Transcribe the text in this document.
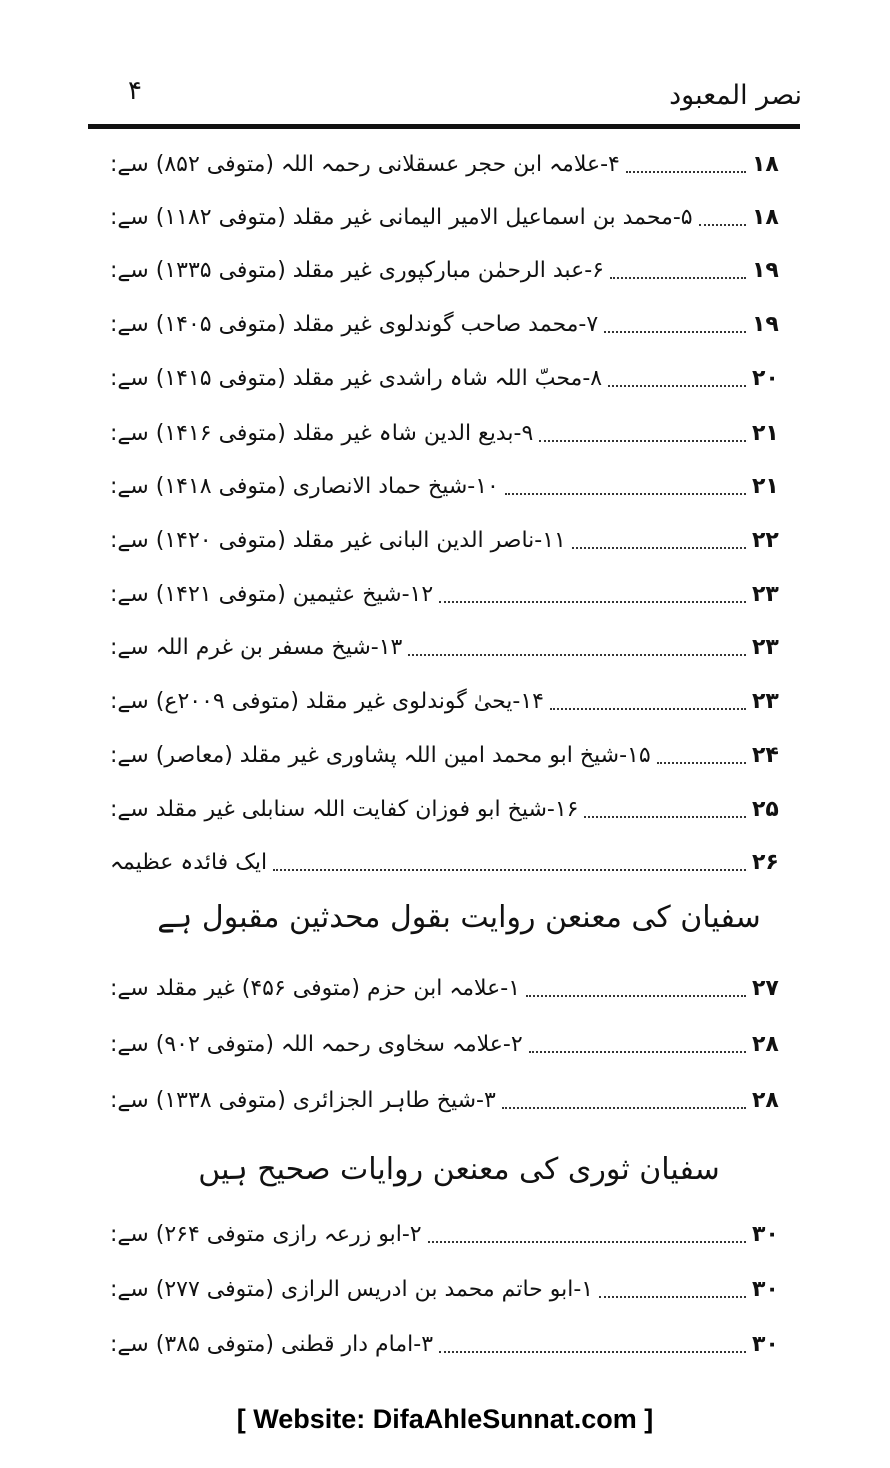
نصر المعبود
۴
۴-علامہ ابن حجر عسقلانی رحمہ اللہ (متوفی ۸۵۲) سے:	۱۸
۵-محمد بن اسماعیل الامیر الیمانی غیر مقلد (متوفی ۱۱۸۲) سے:	۱۸
۶-عبد الرحمٰن مبارکپوری غیر مقلد (متوفی ۱۳۳۵) سے:	۱۹
۷-محمد صاحب گوندلوی غیر مقلد (متوفی ۱۴۰۵) سے:	۱۹
۸-محبّ اللہ شاہ راشدی غیر مقلد (متوفی ۱۴۱۵) سے:	۲۰
۹-بدیع الدین شاہ غیر مقلد (متوفی ۱۴۱۶) سے:	۲۱
۱۰-شیخ حماد الانصاری (متوفی ۱۴۱۸) سے:	۲۱
۱۱-ناصر الدین البانی غیر مقلد (متوفی ۱۴۲۰) سے:	۲۲
۱۲-شیخ عثیمین (متوفی ۱۴۲۱) سے:	۲۳
۱۳-شیخ مسفر بن غرم اللہ سے:	۲۳
۱۴-یحیٰ گوندلوی غیر مقلد (متوفی ۲۰۰۹ع) سے:	۲۳
۱۵-شیخ ابو محمد امین اللہ پشاوری غیر مقلد (معاصر) سے:	۲۴
۱۶-شیخ ابو فوزان کفایت اللہ سنابلی غیر مقلد سے:	۲۵
ایک فائدہ عظیمہ	۲۶
سفیان کی معنعن روایت بقول محدثین مقبول ہے
۱-علامہ ابن حزم (متوفی ۴۵۶) غیر مقلد سے:	۲۷
۲-علامہ سخاوی رحمہ اللہ (متوفی ۹۰۲) سے:	۲۸
۳-شیخ طاہر الجزائری (متوفی ۱۳۳۸) سے:	۲۸
سفیان ثوری کی معنعن روایات صحیح ہیں
۲-ابو زرعہ رازی متوفی ۲۶۴) سے:	۳۰
۱-ابو حاتم محمد بن ادریس الرازی (متوفی ۲۷۷) سے:	۳۰
۳-امام دار قطنی (متوفی ۳۸۵) سے:	۳۰
[ Website: DifaAhleSunnat.com ]
